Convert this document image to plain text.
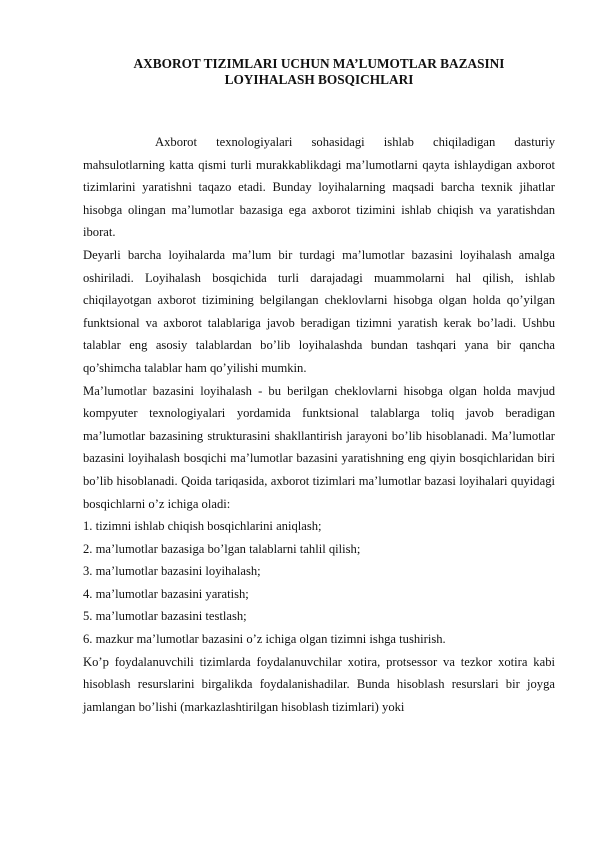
AXBOROT TIZIMLARI UCHUN MA’LUMOTLAR BAZASINI
LOYIHALASH BOSQICHLARI

Axborot texnologiyalari sohasidagi ishlab chiqiladigan dasturiy mahsulotlarning katta qismi turli murakkablikdagi ma’lumotlarni qayta ishlaydigan axborot tizimlarini yaratishni taqazo etadi. Bunday loyihalarning maqsadi barcha texnik jihatlar hisobga olingan ma’lumotlar bazasiga ega axborot tizimini ishlab chiqish va yaratishdan iborat.

Deyarli barcha loyihalarda ma’lum bir turdagi ma’lumotlar bazasini loyihalash amalga oshiriladi. Loyihalash bosqichida turli darajadagi muammolarni hal qilish, ishlab chiqilayotgan axborot tizimining belgilangan cheklovlarni hisobga olgan holda qo’yilgan funktsional va axborot talablariga javob beradigan tizimni yaratish kerak bo’ladi. Ushbu talablar eng asosiy talablardan bo’lib loyihalashda bundan tashqari yana bir qancha qo’shimcha talablar ham qo’yilishi mumkin.

Ma’lumotlar bazasini loyihalash - bu berilgan cheklovlarni hisobga olgan holda mavjud kompyuter texnologiyalari yordamida funktsional talablarga toliq javob beradigan ma’lumotlar bazasining strukturasini shakllantirish jarayoni bo’lib hisoblanadi. Ma’lumotlar bazasini loyihalash bosqichi ma’lumotlar bazasini yaratishning eng qiyin bosqichlaridan biri bo’lib hisoblanadi. Qoida tariqasida, axborot tizimlari ma’lumotlar bazasi loyihalari quyidagi bosqichlarni o’z ichiga oladi:

1. tizimni ishlab chiqish bosqichlarini aniqlash;

2. ma’lumotlar bazasiga bo’lgan talablarni tahlil qilish;

3. ma’lumotlar bazasini loyihalash;

4. ma’lumotlar bazasini yaratish;

5. ma’lumotlar bazasini testlash;

6. mazkur ma’lumotlar bazasini o’z ichiga olgan tizimni ishga tushirish.

Ko’p foydalanuvchili tizimlarda foydalanuvchilar xotira, protsessor va tezkor xotira kabi hisoblash resurslarini birgalikda foydalanishadilar. Bunda hisoblash resurslari bir joyga jamlangan bo’lishi (markazlashtirilgan hisoblash tizimlari) yoki
